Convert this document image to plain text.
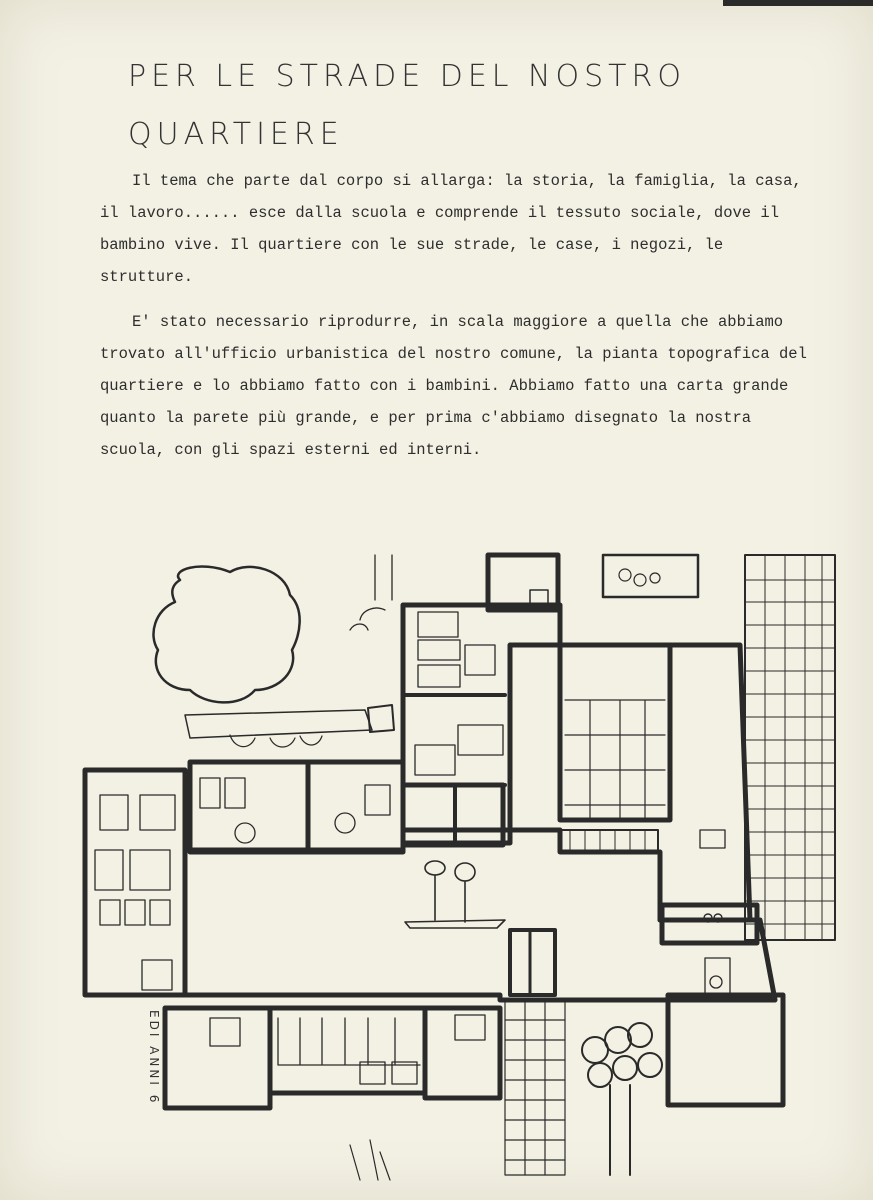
PER LE STRADE DEL NOSTRO QUARTIERE

Il tema che parte dal corpo si allarga: la storia, la famiglia, la casa, il lavoro...... esce dalla scuola e comprende il tessuto sociale, dove il bambino vive. Il quartiere con le sue strade, le case, i negozi, le strutture.

E' stato necessario riprodurre, in scala maggiore a quella che abbiamo trovato all'ufficio urbanistica del nostro comune, la pianta topografica del quartiere e lo abbiamo fatto con i bambini. Abbiamo fatto una carta grande quanto la parete più grande, e per prima c'abbiamo disegnato la nostra scuola, con gli spazi esterni ed interni.

EDI ANNI 6
